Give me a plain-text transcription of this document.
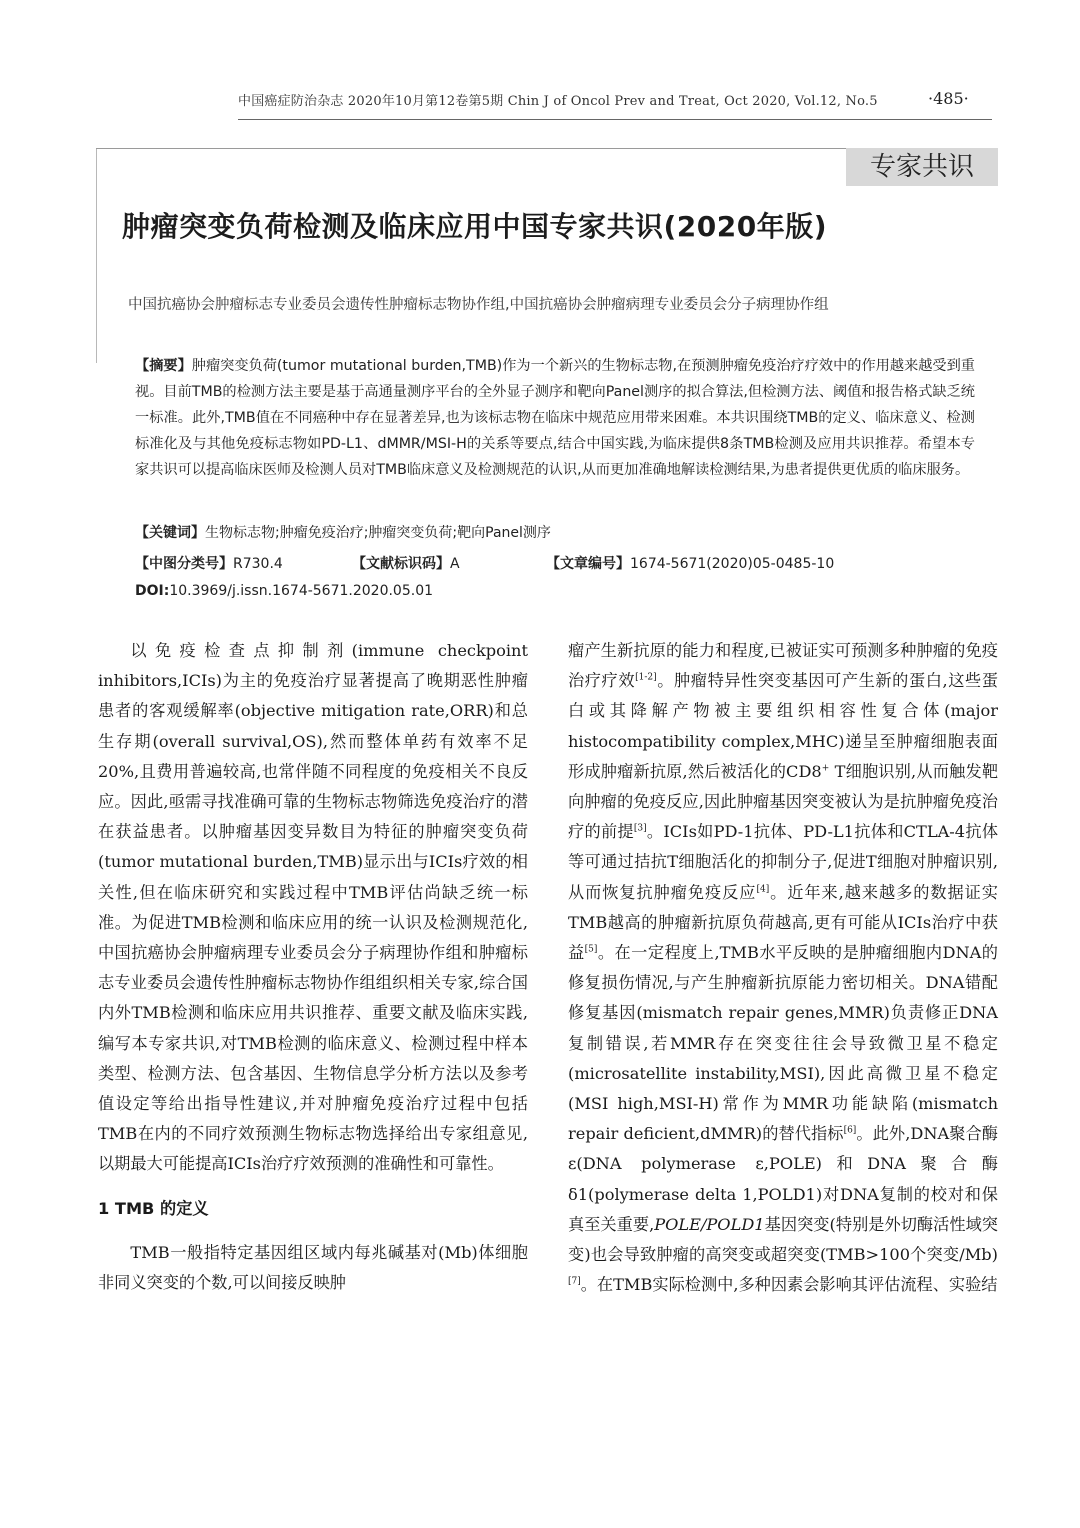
中国癌症防治杂志 2020年10月第12卷第5期 Chin J of Oncol Prev and Treat, Oct 2020, Vol.12, No.5	·485·
专家共识
肿瘤突变负荷检测及临床应用中国专家共识(2020年版)
中国抗癌协会肿瘤标志专业委员会遗传性肿瘤标志物协作组,中国抗癌协会肿瘤病理专业委员会分子病理协作组
【摘要】肿瘤突变负荷(tumor mutational burden,TMB)作为一个新兴的生物标志物,在预测肿瘤免疫治疗疗效中的作用越来越受到重视。目前TMB的检测方法主要是基于高通量测序平台的全外显子测序和靶向Panel测序的拟合算法,但检测方法、阈值和报告格式缺乏统一标准。此外,TMB值在不同癌种中存在显著差异,也为该标志物在临床中规范应用带来困难。本共识围绕TMB的定义、临床意义、检测标准化及与其他免疫标志物如PD-L1、dMMR/MSI-H的关系等要点,结合中国实践,为临床提供8条TMB检测及应用共识推荐。希望本专家共识可以提高临床医师及检测人员对TMB临床意义及检测规范的认识,从而更加准确地解读检测结果,为患者提供更优质的临床服务。
【关键词】生物标志物;肿瘤免疫治疗;肿瘤突变负荷;靶向Panel测序
【中图分类号】R730.4	【文献标识码】A	【文章编号】1674-5671(2020)05-0485-10
DOI:10.3969/j.issn.1674-5671.2020.05.01

以免疫检查点抑制剂(immune checkpoint inhibitors,ICIs)为主的免疫治疗显著提高了晚期恶性肿瘤患者的客观缓解率(objective mitigation rate,ORR)和总生存期(overall survival,OS),然而整体单药有效率不足20%,且费用普遍较高,也常伴随不同程度的免疫相关不良反应。因此,亟需寻找准确可靠的生物标志物筛选免疫治疗的潜在获益患者。以肿瘤基因变异数目为特征的肿瘤突变负荷(tumor mutational burden,TMB)显示出与ICIs疗效的相关性,但在临床研究和实践过程中TMB评估尚缺乏统一标准。为促进TMB检测和临床应用的统一认识及检测规范化,中国抗癌协会肿瘤病理专业委员会分子病理协作组和肿瘤标志专业委员会遗传性肿瘤标志物协作组组织相关专家,综合国内外TMB检测和临床应用共识推荐、重要文献及临床实践,编写本专家共识,对TMB检测的临床意义、检测过程中样本类型、检测方法、包含基因、生物信息学分析方法以及参考值设定等给出指导性建议,并对肿瘤免疫治疗过程中包括TMB在内的不同疗效预测生物标志物选择给出专家组意见,以期最大可能提高ICIs治疗疗效预测的准确性和可靠性。

1 TMB 的定义

TMB一般指特定基因组区域内每兆碱基对(Mb)体细胞非同义突变的个数,可以间接反映肿

瘤产生新抗原的能力和程度,已被证实可预测多种肿瘤的免疫治疗疗效[1-2]。肿瘤特异性突变基因可产生新的蛋白,这些蛋白或其降解产物被主要组织相容性复合体(major histocompatibility complex,MHC)递呈至肿瘤细胞表面形成肿瘤新抗原,然后被活化的CD8+ T细胞识别,从而触发靶向肿瘤的免疫反应,因此肿瘤基因突变被认为是抗肿瘤免疫治疗的前提[3]。ICIs如PD-1抗体、PD-L1抗体和CTLA-4抗体等可通过拮抗T细胞活化的抑制分子,促进T细胞对肿瘤识别,从而恢复抗肿瘤免疫反应[4]。近年来,越来越多的数据证实TMB越高的肿瘤新抗原负荷越高,更有可能从ICIs治疗中获益[5]。在一定程度上,TMB水平反映的是肿瘤细胞内DNA的修复损伤情况,与产生肿瘤新抗原能力密切相关。DNA错配修复基因(mismatch repair genes,MMR)负责修正DNA复制错误,若MMR存在突变往往会导致微卫星不稳定(microsatellite instability,MSI),因此高微卫星不稳定(MSI high,MSI-H)常作为MMR功能缺陷(mismatch repair deficient,dMMR)的替代指标[6]。此外,DNA聚合酶ε(DNA polymerase ε,POLE)和DNA聚合酶δ1(polymerase delta 1,POLD1)对DNA复制的校对和保真至关重要,POLE/POLD1基因突变(特别是外切酶活性域突变)也会导致肿瘤的高突变或超突变(TMB>100个突变/Mb)[7]。在TMB实际检测中,多种因素会影响其评估流程、实验结
